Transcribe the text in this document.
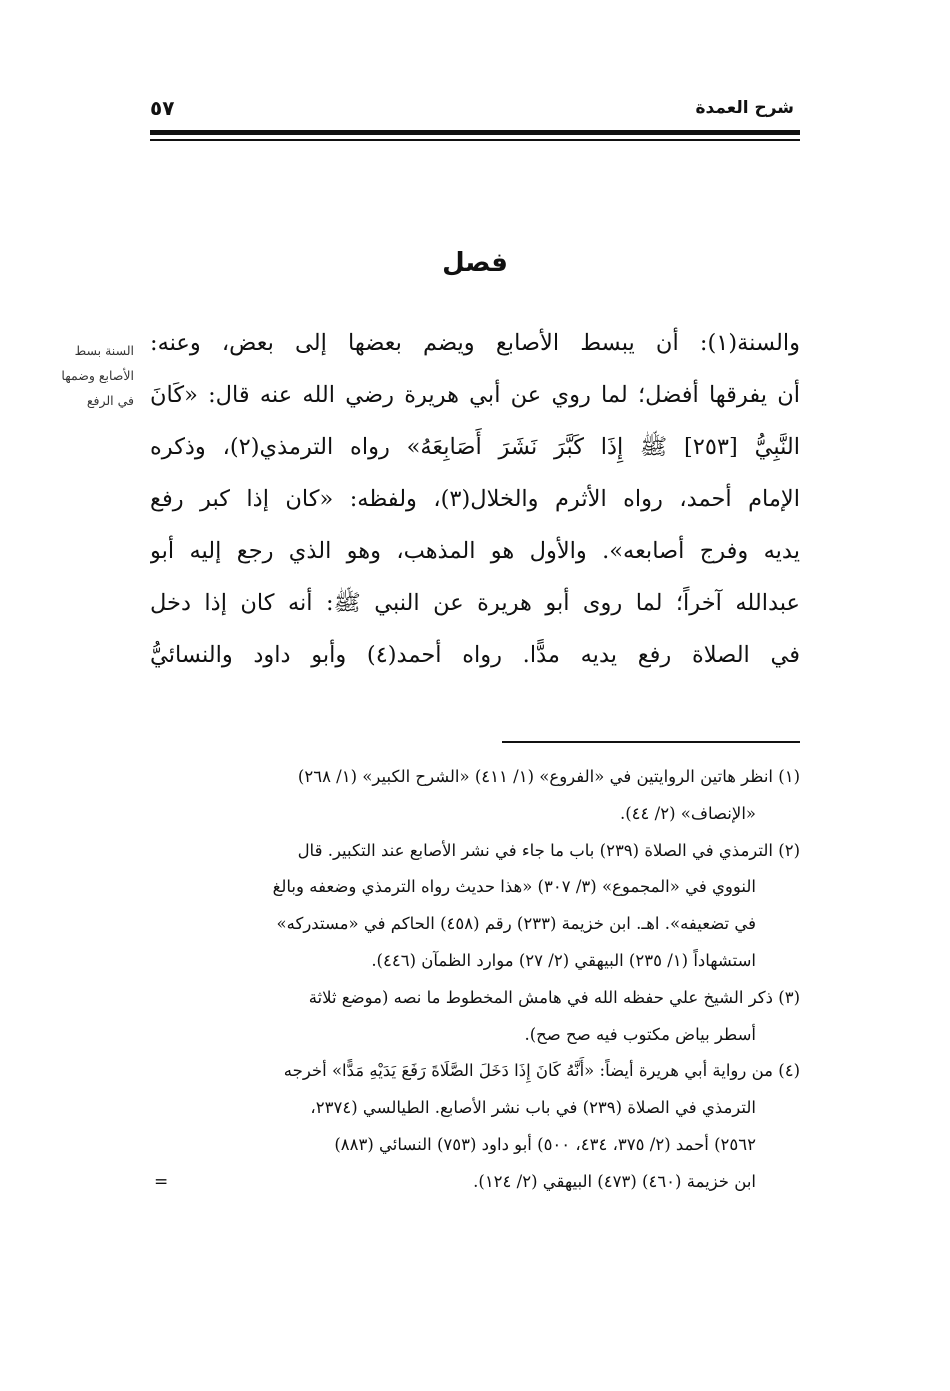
شرح العمدة
٥٧
فصل
السنة بسط
الأصابع وضمها
في الرفع
والسنة(١): أن يبسط الأصابع ويضم بعضها إلى بعض، وعنه:
أن يفرقها أفضل؛ لما روي عن أبي هريرة رضي الله عنه قال: «كَانَ
النَّبِيُّ [٢٥٣] ﷺ إِذَا كَبَّرَ نَشَرَ أَصَابِعَهُ» رواه الترمذي(٢)، وذكره
الإمام أحمد، رواه الأثرم والخلال(٣)، ولفظه: «كان إذا كبر رفع
يديه وفرج أصابعه». والأول هو المذهب، وهو الذي رجع إليه أبو
عبدالله آخراً؛ لما روى أبو هريرة عن النبي ﷺ: أنه كان إذا دخل
في الصلاة رفع يديه مدًّا. رواه أحمد(٤) وأبو داود والنسائيُّ
(١) انظر هاتين الروايتين في «الفروع» (١/ ٤١١) «الشرح الكبير» (١/ ٢٦٨)
«الإنصاف» (٢/ ٤٤).
(٢) الترمذي في الصلاة (٢٣٩) باب ما جاء في نشر الأصابع عند التكبير. قال
النووي في «المجموع» (٣/ ٣٠٧) «هذا حديث رواه الترمذي وضعفه وبالغ
في تضعيفه». اهـ. ابن خزيمة (٢٣٣) رقم (٤٥٨) الحاكم في «مستدركه»
استشهاداً (١/ ٢٣٥) البيهقي (٢/ ٢٧) موارد الظمآن (٤٤٦).
(٣) ذكر الشيخ علي حفظه الله في هامش المخطوط ما نصه (موضع ثلاثة
أسطر بياض مكتوب فيه صح صح).
(٤) من رواية أبي هريرة أيضاً: «أَنَّهُ كَانَ إِذَا دَخَلَ الصَّلَاةَ رَفَعَ يَدَيْهِ مَدًّا» أخرجه
الترمذي في الصلاة (٢٣٩) في باب نشر الأصابع. الطيالسي (٢٣٧٤،
٢٥٦٢) أحمد (٢/ ٣٧٥، ٤٣٤، ٥٠٠) أبو داود (٧٥٣) النسائي (٨٨٣)
ابن خزيمة (٤٦٠) (٤٧٣) البيهقي (٢/ ١٢٤).
=
